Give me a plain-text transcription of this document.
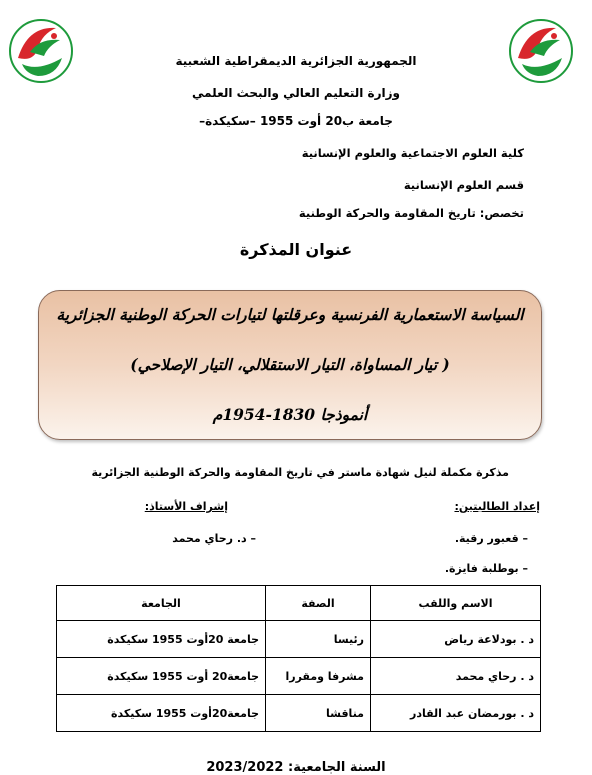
الجمهورية الجزائرية الديمقراطية الشعبية
وزارة التعليم العالي والبحث العلمي
جامعة ب20 أوت 1955 –سكيكدة–
كلية العلوم الاجتماعية والعلوم الإنسانية
قسم العلوم الإنسانية
تخصص: تاريخ المقاومة والحركة الوطنية
عنوان المذكرة
السياسة الاستعمارية الفرنسية وعرقلتها لتيارات الحركة الوطنية الجزائرية
( تيار المساواة، التيار الاستقلالي، التيار الإصلاحي)
أنموذجا 1830-1954م
مذكرة مكملة لنيل شهادة ماستر في تاريخ المقاومة والحركة الوطنية الجزائرية
إعداد الطالبتين:
إشراف الأستاذ:
– قعبور رقية.
– د. رحاي محمد
– بوطلبة فايزة.
الاسم واللقب	الصفة	الجامعة
د . بودلاعة رياض	رئيسا	جامعة 20أوت 1955 سكيكدة
د . رحاي محمد	مشرفا ومقررا	جامعة20 أوت 1955 سكيكدة
د . بورمضان عبد القادر	مناقشا	جامعة20أوت 1955 سكيكدة
السنة الجامعية: 2023/2022
